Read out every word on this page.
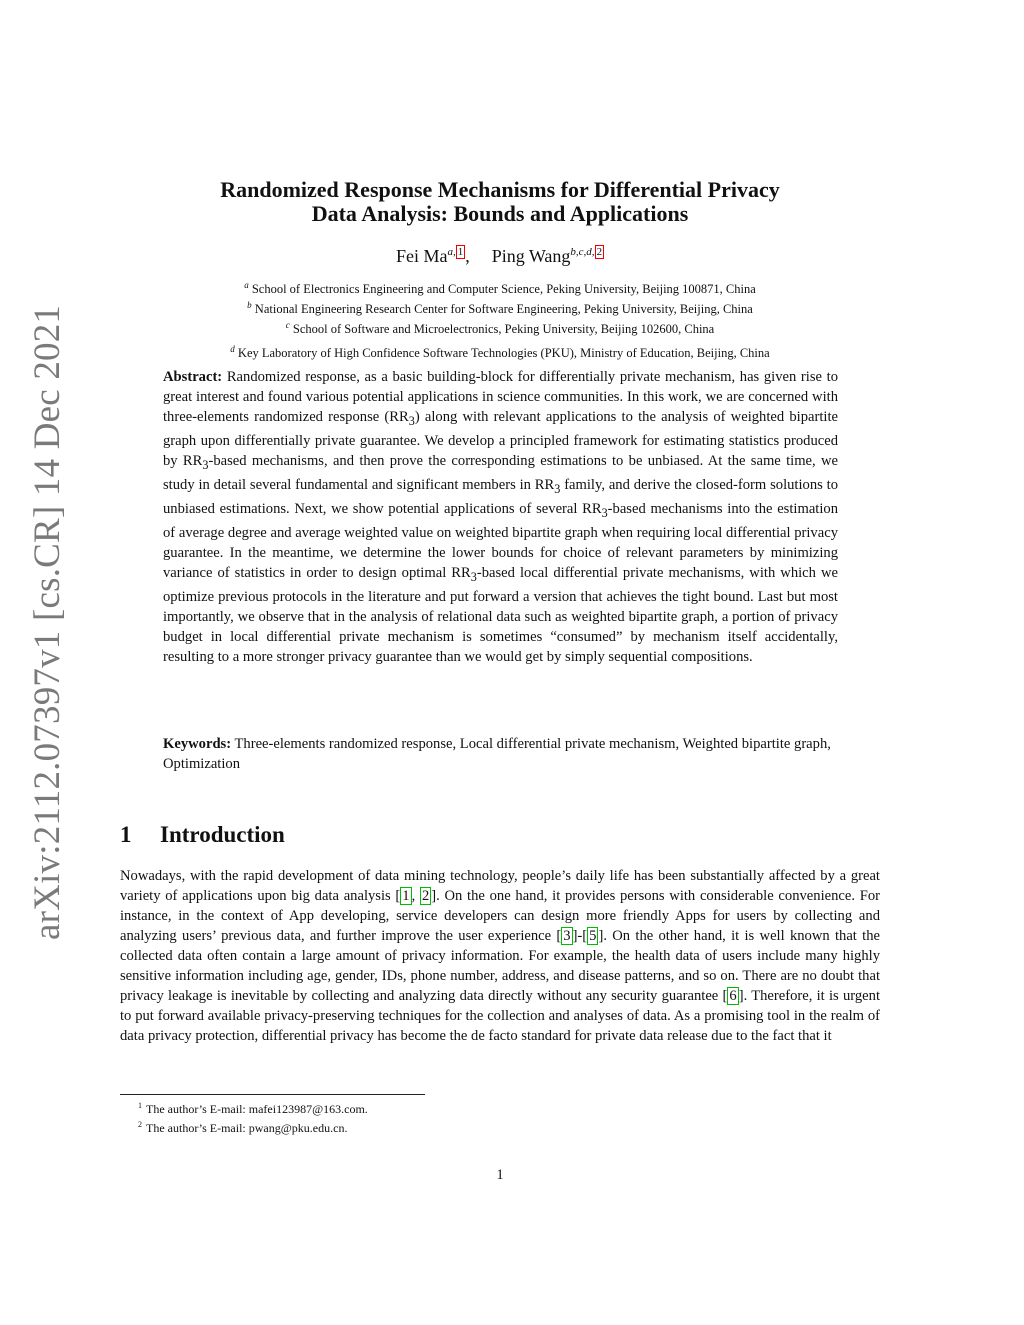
arXiv:2112.07397v1 [cs.CR] 14 Dec 2021
Randomized Response Mechanisms for Differential Privacy
Data Analysis: Bounds and Applications
Fei Ma$^{a, 1}$ , Ping Wang$^{b,c,d, 2}$
$^a$ School of Electronics Engineering and Computer Science, Peking University, Beijing 100871, China
$^b$ National Engineering Research Center for Software Engineering, Peking University, Beijing, China
$^c$ School of Software and Microelectronics, Peking University, Beijing 102600, China
$^d$ Key Laboratory of High Confidence Software Technologies (PKU), Ministry of Education, Beijing, China
Abstract: Randomized response, as a basic building-block for differentially private mechanism, has given rise to great interest and found various potential applications in science communities. In this work, we are concerned with three-elements randomized response $(RR_3)$ along with relevant applications to the analysis of weighted bipartite graph upon differentially private guarantee. We develop a principled framework for estimating statistics produced by $RR_3$-based mechanisms, and then prove the corresponding estimations to be unbiased. At the same time, we study in detail several fundamental and significant members in $RR_3$ family, and derive the closed-form solutions to unbiased estimations. Next, we show potential applications of several $RR_3$-based mechanisms into the estimation of average degree and average weighted value on weighted bipartite graph when requiring local differential privacy guarantee. In the meantime, we determine the lower bounds for choice of relevant parameters by minimizing variance of statistics in order to design optimal $RR_3$-based local differential private mechanisms, with which we optimize previous protocols in the literature and put forward a version that achieves the tight bound. Last but most importantly, we observe that in the analysis of relational data such as weighted bipartite graph, a portion of privacy budget in local differential private mechanism is sometimes “consumed” by mechanism itself accidentally, resulting to a more stronger privacy guarantee than we would get by simply sequential compositions.
Keywords: Three-elements randomized response, Local differential private mechanism, Weighted bipartite graph, Optimization
1 Introduction
Nowadays, with the rapid development of data mining technology, people’s daily life has been substantially affected by a great variety of applications upon big data analysis [ 1 , 2 ]. On the one hand, it provides persons with considerable convenience. For instance, in the context of App developing, service developers can design more friendly Apps for users by collecting and analyzing users’ previous data, and further improve the user experience [ 3 ]-[ 5 ]. On the other hand, it is well known that the collected data often contain a large amount of privacy information. For example, the health data of users include many highly sensitive information including age, gender, IDs, phone number, address, and disease patterns, and so on. There are no doubt that privacy leakage is inevitable by collecting and analyzing data directly without any security guarantee [ 6 ]. Therefore, it is urgent to put forward available privacy-preserving techniques for the collection and analyses of data. As a promising tool in the realm of data privacy protection, differential privacy has become the de facto standard for private data release due to the fact that it
$^1$ The author’s E-mail: mafei123987@163.com.
$^2$ The author’s E-mail: pwang@pku.edu.cn.
1
